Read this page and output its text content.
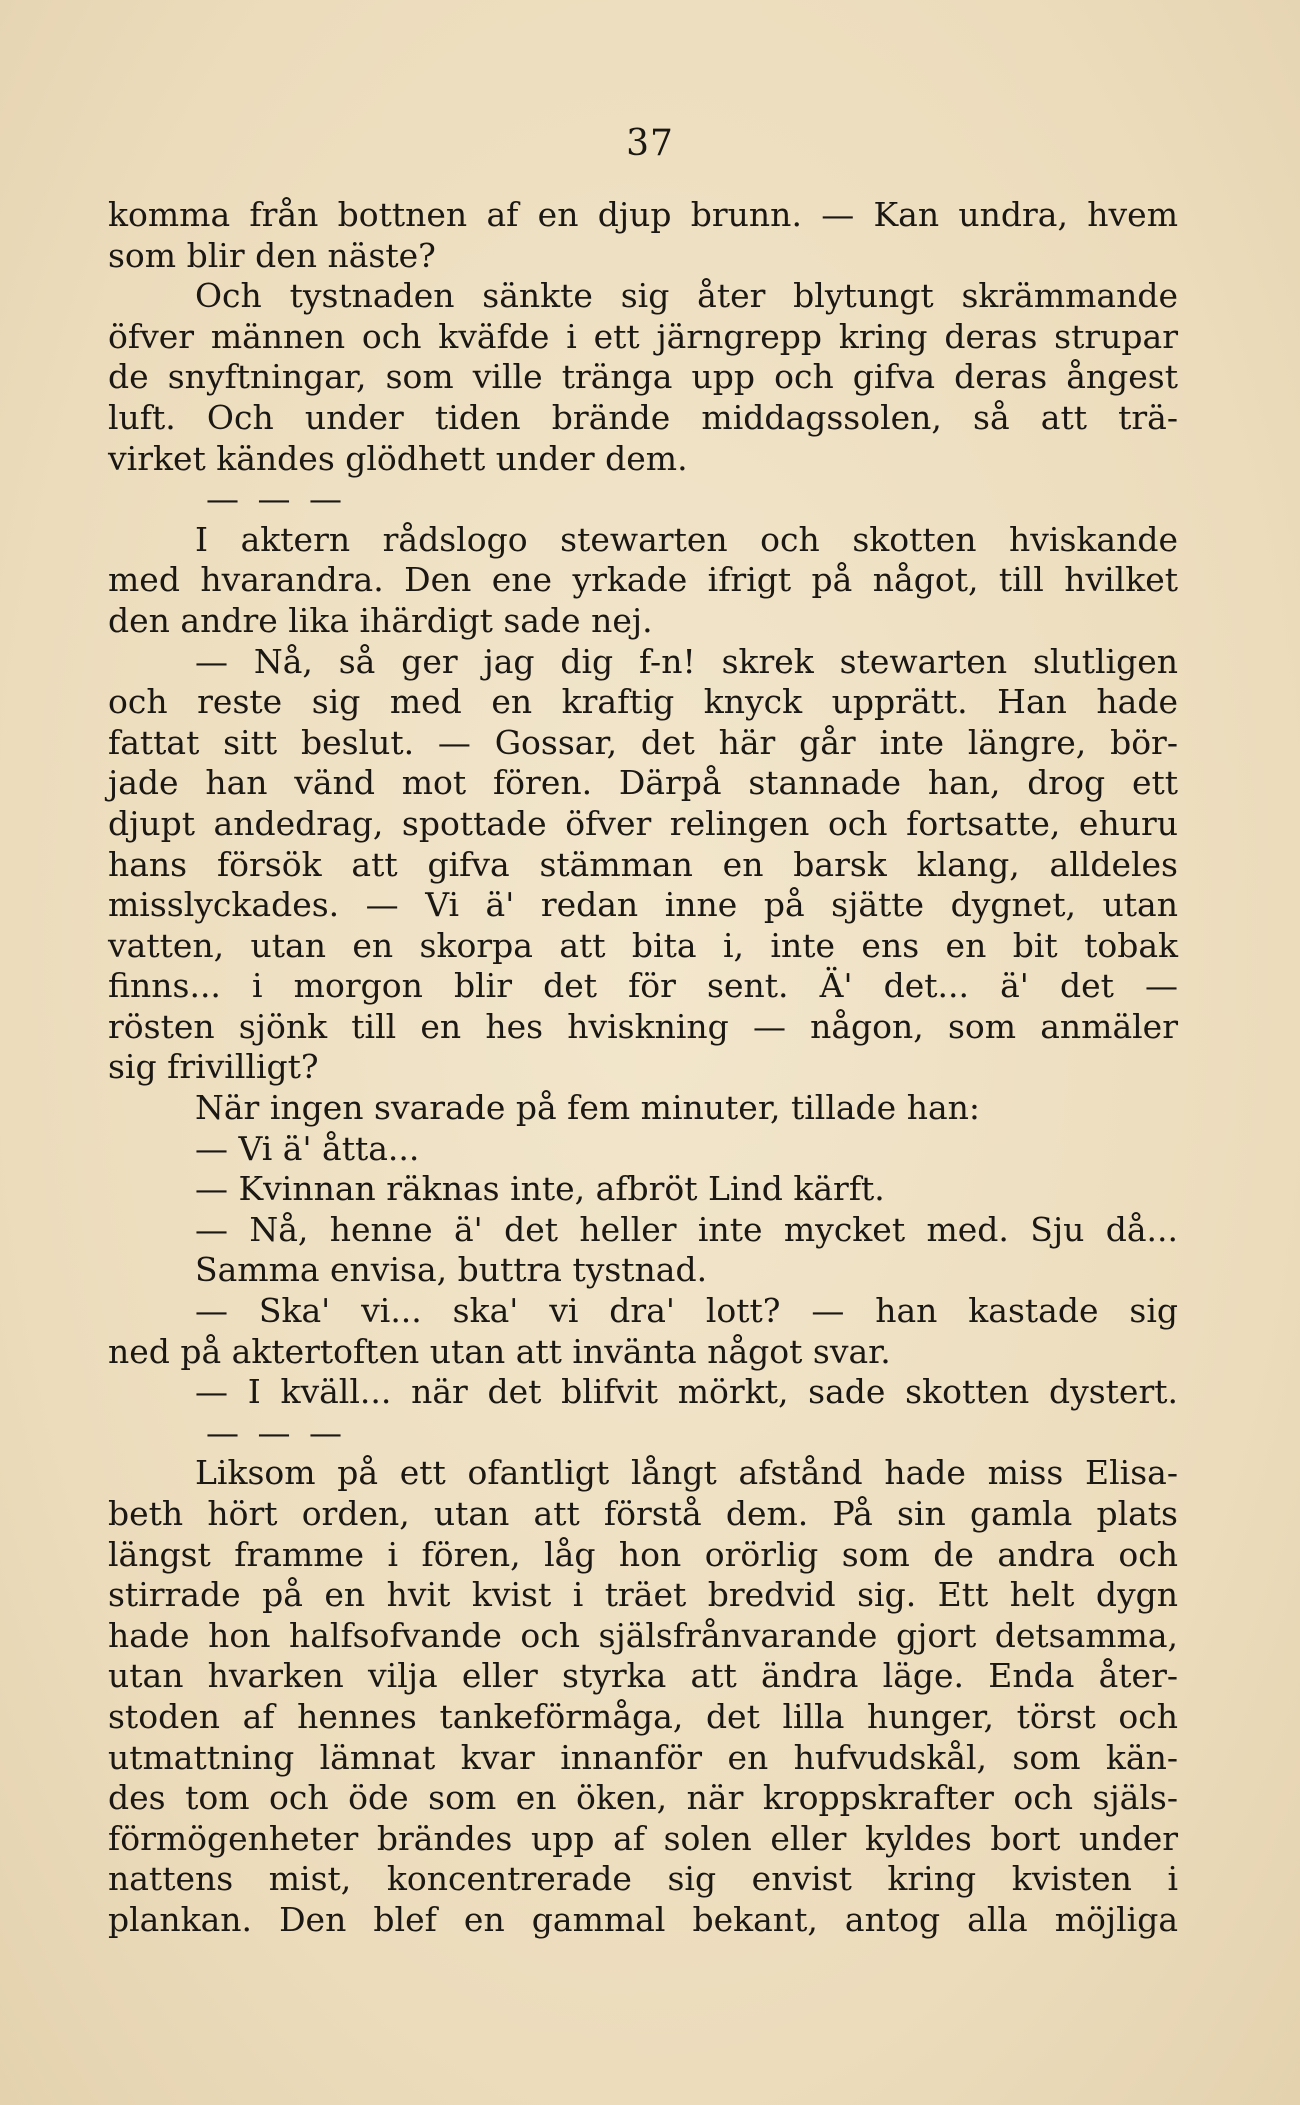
37
komma från bottnen af en djup brunn. — Kan undra, hvem
som blir den näste?
Och tystnaden sänkte sig åter blytungt skrämmande
öfver männen och kväfde i ett järngrepp kring deras strupar
de snyftningar, som ville tränga upp och gifva deras ångest
luft. Och under tiden brände middagssolen, så att trä-
virket kändes glödhett under dem.
— — —
I aktern rådslogo stewarten och skotten hviskande
med hvarandra. Den ene yrkade ifrigt på något, till hvilket
den andre lika ihärdigt sade nej.
— Nå, så ger jag dig f-n! skrek stewarten slutligen
och reste sig med en kraftig knyck upprätt. Han hade
fattat sitt beslut. — Gossar, det här går inte längre, bör-
jade han vänd mot fören. Därpå stannade han, drog ett
djupt andedrag, spottade öfver relingen och fortsatte, ehuru
hans försök att gifva stämman en barsk klang, alldeles
misslyckades. — Vi ä' redan inne på sjätte dygnet, utan
vatten, utan en skorpa att bita i, inte ens en bit tobak
finns... i morgon blir det för sent. Ä' det... ä' det —
rösten sjönk till en hes hviskning — någon, som anmäler
sig frivilligt?
När ingen svarade på fem minuter, tillade han:
— Vi ä' åtta...
— Kvinnan räknas inte, afbröt Lind kärft.
— Nå, henne ä' det heller inte mycket med. Sju då...
Samma envisa, buttra tystnad.
— Ska' vi... ska' vi dra' lott? — han kastade sig
ned på aktertoften utan att invänta något svar.
— I kväll... när det blifvit mörkt, sade skotten dystert.
— — —
Liksom på ett ofantligt långt afstånd hade miss Elisa-
beth hört orden, utan att förstå dem. På sin gamla plats
längst framme i fören, låg hon orörlig som de andra och
stirrade på en hvit kvist i träet bredvid sig. Ett helt dygn
hade hon halfsofvande och själsfrånvarande gjort detsamma,
utan hvarken vilja eller styrka att ändra läge. Enda åter-
stoden af hennes tankeförmåga, det lilla hunger, törst och
utmattning lämnat kvar innanför en hufvudskål, som kän-
des tom och öde som en öken, när kroppskrafter och själs-
förmögenheter brändes upp af solen eller kyldes bort under
nattens mist, koncentrerade sig envist kring kvisten i
plankan. Den blef en gammal bekant, antog alla möjliga
